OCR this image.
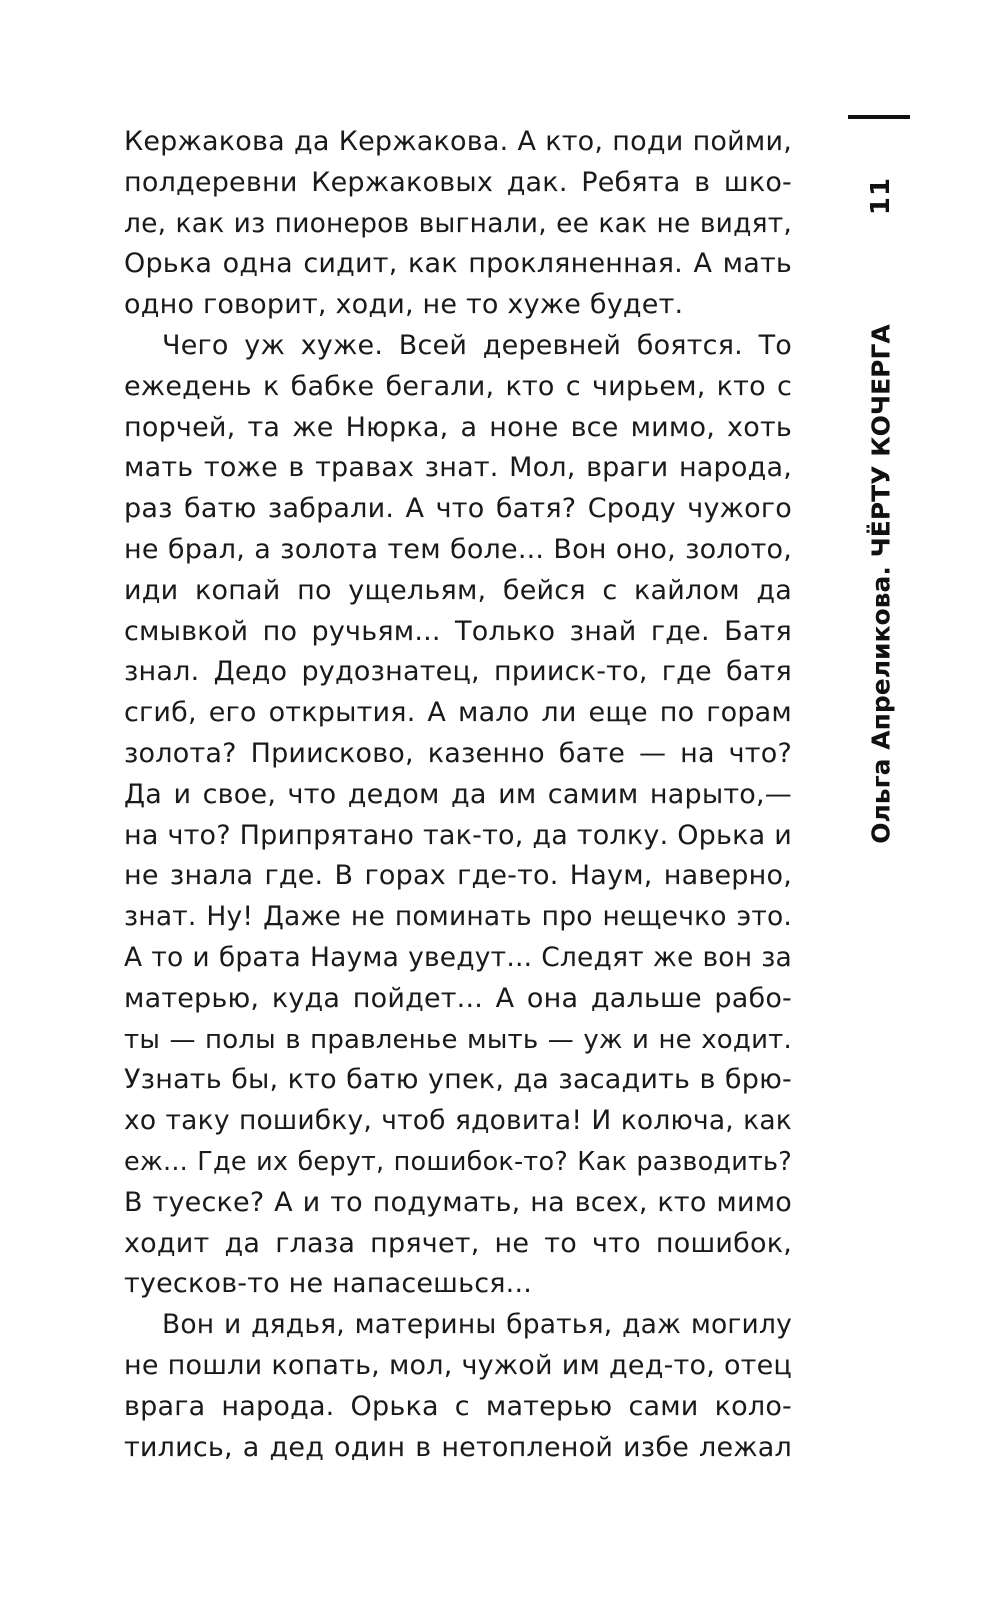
11
Ольга Апреликова. ЧЁРТУ КОЧЕРГА
Кержакова да Кержакова. А кто, поди пойми,
полдеревни Кержаковых дак. Ребята в шко-
ле, как из пионеров выгнали, ее как не видят,
Орька одна сидит, как прокляненная. А мать
одно говорит, ходи, не то хуже будет.
Чего уж хуже. Всей деревней боятся. То
ежедень к бабке бегали, кто с чирьем, кто с
порчей, та же Нюрка, а ноне все мимо, хоть
мать тоже в травах знат. Мол, враги народа,
раз батю забрали. А что батя? Сроду чужого
не брал, а золота тем боле... Вон оно, золото,
иди копай по ущельям, бейся с кайлом да
смывкой по ручьям... Только знай где. Батя
знал. Дедо рудознатец, прииск-то, где батя
сгиб, его открытия. А мало ли еще по горам
золота? Приисково, казенно бате — на что?
Да и свое, что дедом да им самим нарыто,—
на что? Припрятано так-то, да толку. Орька и
не знала где. В горах где-то. Наум, наверно,
знат. Ну! Даже не поминать про нещечко это.
А то и брата Наума уведут... Следят же вон за
матерью, куда пойдет... А она дальше рабо-
ты — полы в правленье мыть — уж и не ходит.
Узнать бы, кто батю упек, да засадить в брю-
хо таку пошибку, чтоб ядовита! И колюча, как
еж... Где их берут, пошибок-то? Как разводить?
В туеске? А и то подумать, на всех, кто мимо
ходит да глаза прячет, не то что пошибок,
туесков-то не напасешься...
Вон и дядья, материны братья, даж могилу
не пошли копать, мол, чужой им дед-то, отец
врага народа. Орька с матерью сами коло-
тились, а дед один в нетопленой избе лежал
